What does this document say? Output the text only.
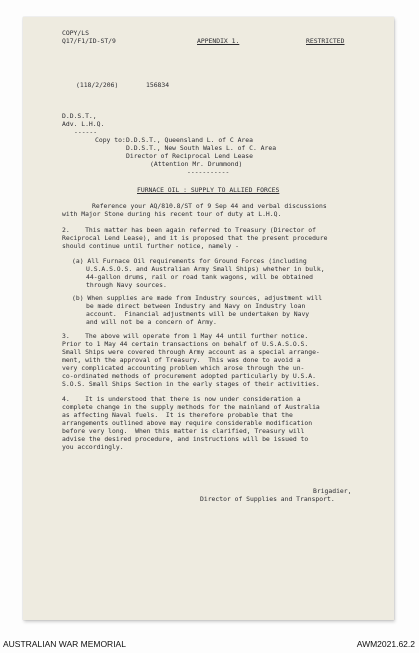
COPY/LS
Q17/F1/ID-ST/9	APPENDIX 1.	RESTRICTED
(118/2/206)	156834
D.D.S.T.,
Adv. L.H.Q.
------
Copy to: D.D.S.T., Queensland L. of C Area
D.D.S.T., New South Wales L. of C. Area
Director of Reciprocal Lend Lease
(Attention Mr. Drummond)
-----------
FURNACE OIL : SUPPLY TO ALLIED FORCES
Reference your AQ/810.8/ST of 9 Sep 44 and verbal discussions
with Major Stone during his recent tour of duty at L.H.Q.
2.    This matter has been again referred to Treasury (Director of
Reciprocal Lend Lease), and it is proposed that the present procedure
should continue until further notice, namely -
(a) All Furnace Oil requirements for Ground Forces (including
U.S.A.S.O.S. and Australian Army Small Ships) whether in bulk,
44-gallon drums, rail or road tank wagons, will be obtained
through Navy sources.
(b) When supplies are made from Industry sources, adjustment will
be made direct between Industry and Navy on Industry loan
account.  Financial adjustments will be undertaken by Navy
and will not be a concern of Army.
3.    The above will operate from 1 May 44 until further notice.
Prior to 1 May 44 certain transactions on behalf of U.S.A.S.O.S.
Small Ships were covered through Army account as a special arrange-
ment, with the approval of Treasury.  This was done to avoid a
very complicated accounting problem which arose through the un-
co-ordinated methods of procurement adopted particularly by U.S.A.
S.O.S. Small Ships Section in the early stages of their activities.
4.    It is understood that there is now under consideration a
complete change in the supply methods for the mainland of Australia
as affecting Naval fuels.  It is therefore probable that the
arrangements outlined above may require considerable modification
before very long.  When this matter is clarified, Treasury will
advise the desired procedure, and instructions will be issued to
you accordingly.
Brigadier,
Director of Supplies and Transport.
AUSTRALIAN WAR MEMORIAL	AWM2021.62.2
